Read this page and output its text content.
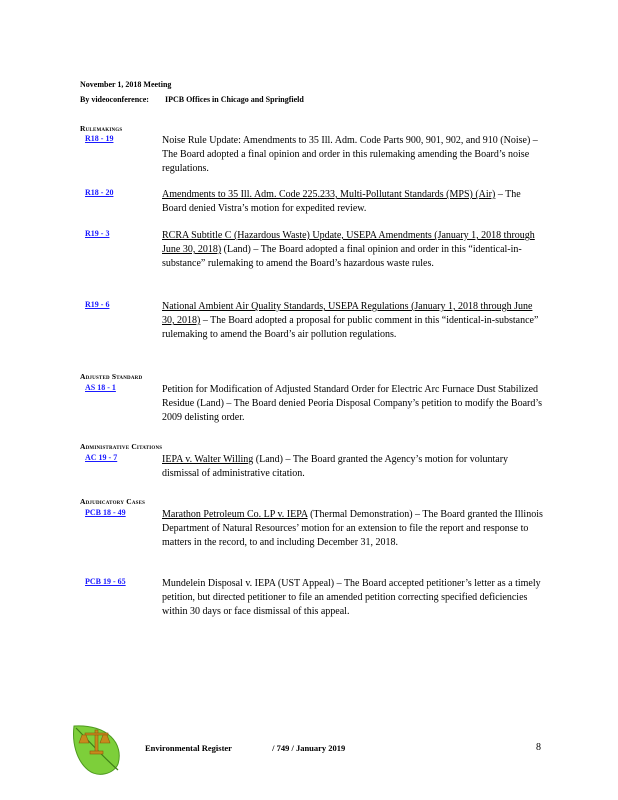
November 1, 2018 Meeting
By videoconference: IPCB Offices in Chicago and Springfield
Rulemakings
R18 - 19	Noise Rule Update: Amendments to 35 Ill. Adm. Code Parts 900, 901, 902, and 910 (Noise) – The Board adopted a final opinion and order in this rulemaking amending the Board’s noise regulations.
R18 - 20	Amendments to 35 Ill. Adm. Code 225.233, Multi-Pollutant Standards (MPS) (Air) – The Board denied Vistra’s motion for expedited review.
R19 - 3	RCRA Subtitle C (Hazardous Waste) Update, USEPA Amendments (January 1, 2018 through June 30, 2018) (Land) – The Board adopted a final opinion and order in this “identical-in-substance” rulemaking to amend the Board’s hazardous waste rules.
R19 - 6	National Ambient Air Quality Standards, USEPA Regulations (January 1, 2018 through June 30, 2018) – The Board adopted a proposal for public comment in this “identical-in-substance” rulemaking to amend the Board’s air pollution regulations.
Adjusted Standard
AS 18 - 1	Petition for Modification of Adjusted Standard Order for Electric Arc Furnace Dust Stabilized Residue (Land) – The Board denied Peoria Disposal Company’s petition to modify the Board’s 2009 delisting order.
Administrative Citations
AC 19 - 7	IEPA v. Walter Willing (Land) – The Board granted the Agency’s motion for voluntary dismissal of administrative citation.
Adjudicatory Cases
PCB 18 - 49	Marathon Petroleum Co. LP v. IEPA (Thermal Demonstration) – The Board granted the Illinois Department of Natural Resources’ motion for an extension to file the report and response to matters in the record, to and including December 31, 2018.
PCB 19 - 65	Mundelein Disposal v. IEPA (UST Appeal) – The Board accepted petitioner’s letter as a timely petition, but directed petitioner to file an amended petition correcting specified deficiencies within 30 days or face dismissal of this appeal.
Environmental Register	/ 749 / January 2019	8
